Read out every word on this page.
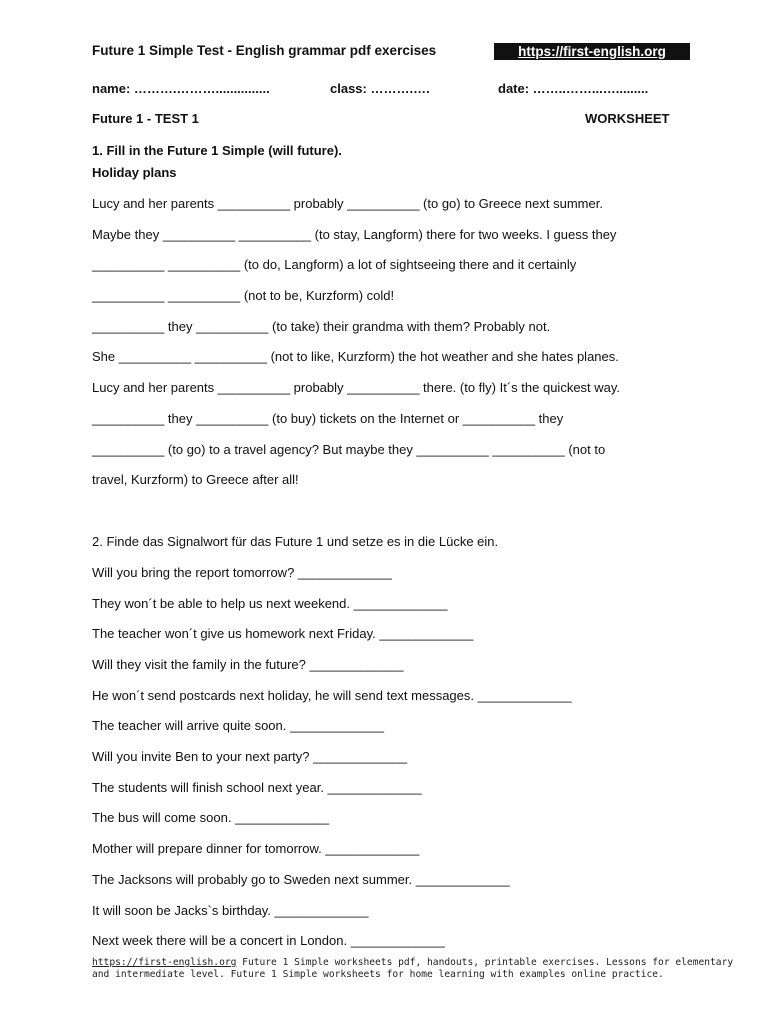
Future 1 Simple Test - English grammar pdf exercises	https://first-english.org
name: ……….………...............	class: ……….….	date: ……..……...….........
Future 1 - TEST 1	WORKSHEET
1. Fill in the Future 1 Simple (will future).
Holiday plans
Lucy and her parents __________ probably __________ (to go) to Greece next summer.
Maybe they __________ __________ (to stay, Langform) there for two weeks. I guess they
__________ __________ (to do, Langform) a lot of sightseeing there and it certainly
__________ __________ (not to be, Kurzform) cold!
__________ they __________ (to take) their grandma with them? Probably not.
She __________ __________ (not to like, Kurzform) the hot weather and she hates planes.
Lucy and her parents __________ probably __________ there. (to fly) It´s the quickest way.
__________ they __________ (to buy) tickets on the Internet or __________ they
__________ (to go) to a travel agency? But maybe they __________ __________ (not to
travel, Kurzform) to Greece after all!
2. Finde das Signalwort für das Future 1 und setze es in die Lücke ein.
Will you bring the report tomorrow? _____________
They won´t be able to help us next weekend. _____________
The teacher won´t give us homework next Friday. _____________
Will they visit the family in the future? _____________
He won´t send postcards next holiday, he will send text messages. _____________
The teacher will arrive quite soon. _____________
Will you invite Ben to your next party? _____________
The students will finish school next year. _____________
The bus will come soon. _____________
Mother will prepare dinner for tomorrow. _____________
The Jacksons will probably go to Sweden next summer. _____________
It will soon be Jacks`s birthday. _____________
Next week there will be a concert in London. _____________
https://first-english.org Future 1 Simple worksheets pdf, handouts, printable exercises. Lessons for elementary
and intermediate level. Future 1 Simple worksheets for home learning with examples online practice.
